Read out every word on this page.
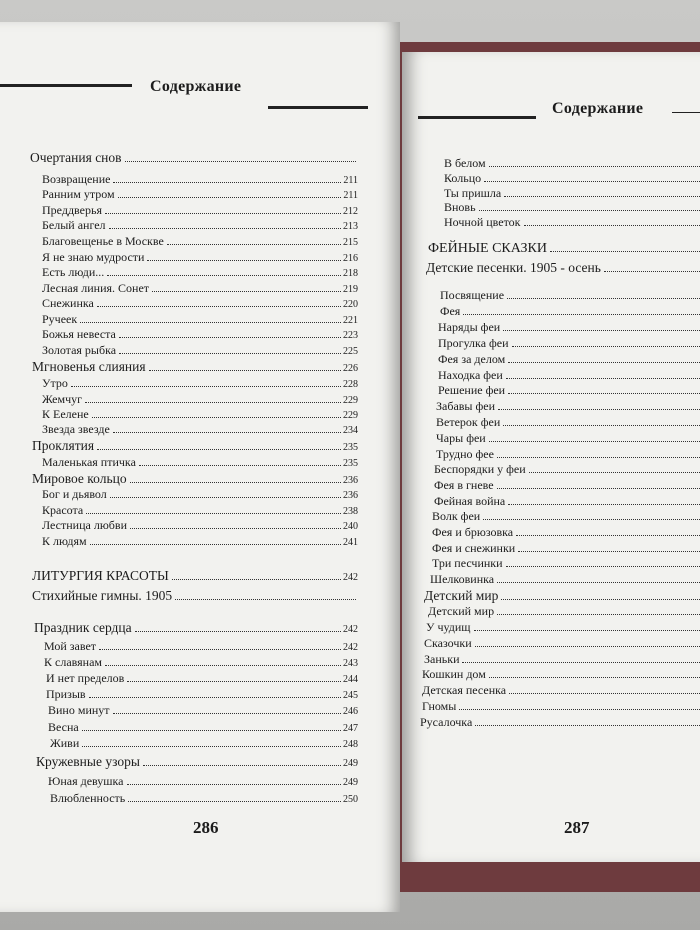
Содержание
Очертания снов
Возвращение	211
Ранним утром	211
Преддверья	212
Белый ангел	213
Благовещенье в Москве	215
Я не знаю мудрости	216
Есть люди...	218
Лесная линия. Сонет	219
Снежинка	220
Ручеек	221
Божья невеста	223
Золотая рыбка	225
Мгновенья слияния	226
Утро	228
Жемчуг	229
К Еелене	229
Звезда звезде	234
Проклятия	235
Маленькая птичка	235
Мировое кольцо	236
Бог и дьявол	236
Красота	238
Лестница любви	240
К людям	241
ЛИТУРГИЯ КРАСОТЫ	242
Стихийные гимны. 1905
Праздник сердца	242
Мой завет	242
К славянам	243
И нет пределов	244
Призыв	245
Вино минут	246
Весна	247
Живи	248
Кружевные узоры	249
Юная девушка	249
Влюбленность	250
286
Содержание
В белом
Кольцо
Ты пришла
Вновь
Ночной цветок
ФЕЙНЫЕ СКАЗКИ
Детские песенки. 1905 - осень
Посвящение
Фея
Наряды феи
Прогулка феи
Фея за делом
Находка феи
Решение феи
Забавы феи
Ветерок феи
Чары феи
Трудно фее
Беспорядки у феи
Фея в гневе
Фейная война
Волк феи
Фея и брюзовка
Фея и снежинки
Три песчинки
Шелковинка
Детский мир
Детский мир
У чудищ
Сказочки
Заньки
Кошкин дом
Детская песенка
Гномы
Русалочка
287
